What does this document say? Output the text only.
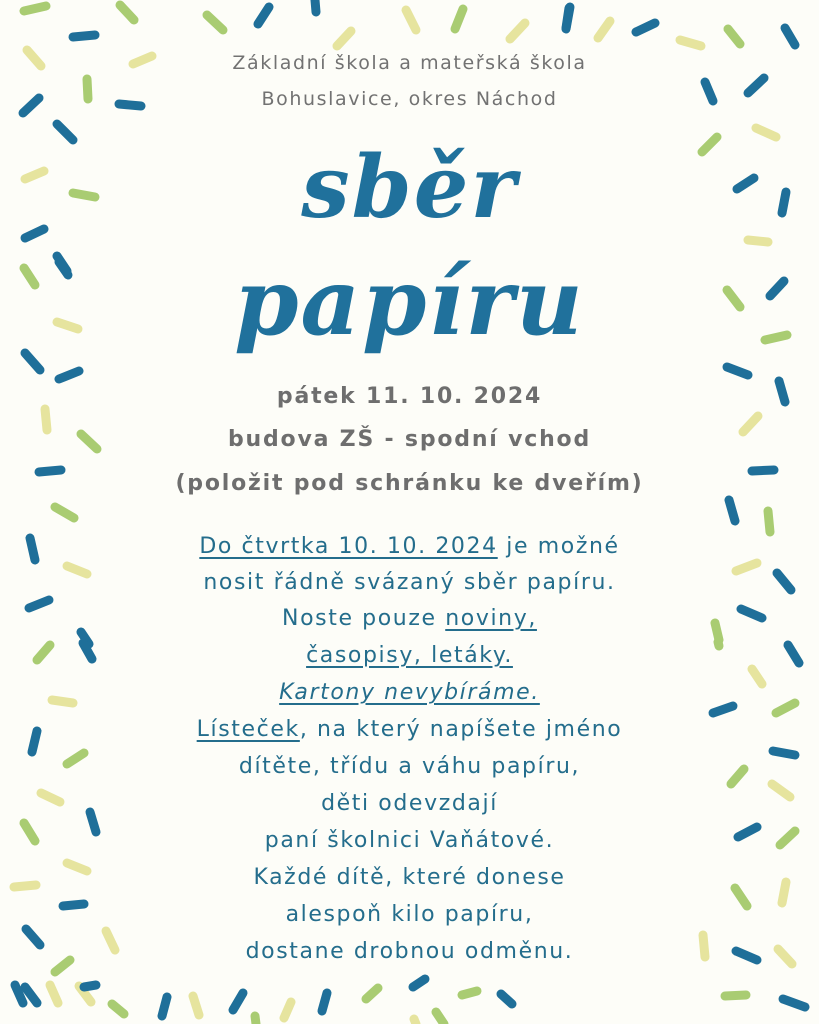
Základní škola a mateřská škola
Bohuslavice, okres Náchod
sběr
papíru
pátek 11. 10. 2024
budova ZŠ - spodní vchod
(položit pod schránku ke dveřím)
Do čtvrtka 10. 10. 2024 je možné
nosit řádně svázaný sběr papíru.
Noste pouze noviny,
časopisy, letáky.
Kartony nevybíráme.
Lísteček, na který napíšete jméno
dítěte, třídu a váhu papíru,
děti odevzdají
paní školnici Vaňátové.
Každé dítě, které donese
alespoň kilo papíru,
dostane drobnou odměnu.
